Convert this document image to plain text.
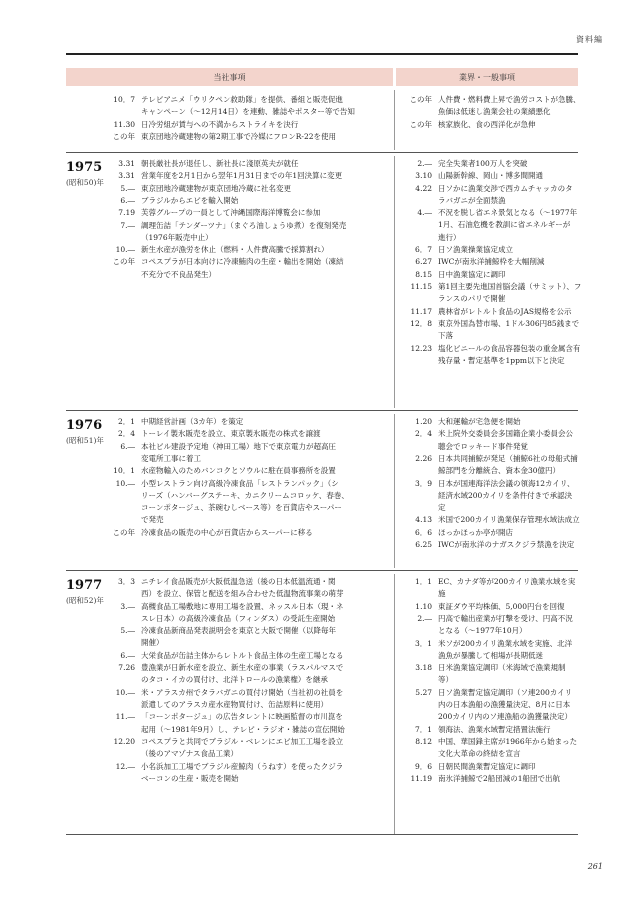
資料編
当社事項	業界・一般事項
10．7 テレビアニメ「ウリクペン救助隊」を提供、番組と販売促進
キャンペーン（～12月14日）を連動、雑誌やポスター等で告知
11.30 日冷労組が賃与への不満からストライキを決行
この年 東京団地冷蔵建物の第2期工事で冷媒にフロンR-22を使用
この年 人件費・燃料費上昇で漁労コストが急騰、
魚価は低迷し漁業会社の業績悪化
この年 核家族化、食の西洋化が急伸
1975
(昭和50)年
3.31 朝長厳社長が退任し、新社長に淺原英夫が就任
3.31 営業年度を2月1日から翌年1月31日までの年1回決算に変更
5.― 東京団地冷蔵建物が東京団地冷蔵に社名変更
6.― ブラジルからエビを輸入開始
7.19 芙蓉グループの一員として沖縄国際海洋博覧会に参加
7.― 調理缶詰「テンダーツナ」（まぐろ油しょうゆ煮）を復刻発売
（1976年販売中止）
10.― 新生水産が漁労を休止（燃料・人件費高騰で採算割れ）
この年 コペスプラが日本向けに冷凍鮪肉の生産・輸出を開始（凍結
不充分で不良品発生）
2.― 完全失業者100万人を突破
3.10 山陽新幹線、岡山・博多間開通
4.22 日ソかに漁業交渉で西カムチャッカのタ
ラバガニが全面禁漁
4.― 不況を脱し省エネ景気となる（～1977年
1月、石油危機を教訓に省エネルギーが
進行）
6．7 日ソ漁業操業協定成立
6.27 IWCが南氷洋捕鯨枠を大幅削減
8.15 日中漁業協定に調印
11.15 第1回主要先進国首脳会議（サミット）、フ
ランスのパリで開催
11.17 農林省がレトルト食品のJAS規格を公示
12．8 東京外国為替市場、1ドル306円85銭まで
下落
12.23 塩化ビニールの食品容器包装の重金属含有
残存量・暫定基準を1ppm以下と決定
1976
(昭和51)年
2．1 中期経営計画（3カ年）を策定
2．4 トーレイ製氷販売を設立、東京製氷販売の株式を譲渡
6.― 本社ビル建設予定地（神田工場）地下で東京電力が超高圧
変電所工事に着工
10．1 水産物輸入のためバンコクとソウルに駐在員事務所を設置
10.― 小型レストラン向け高級冷凍食品「レストランパック」（シ
リーズ（ハンバーグステーキ、カニクリームコロッケ、春巻、
コーンポタージュ、茶碗むしベース等）を百貨店やスーパー
で発売
この年 冷凍食品の販売の中心が百貨店からスーパーに移る
1.20 大和運輸が宅急便を開始
2．4 米上院外交委員会多国籍企業小委員会公
聴会でロッキード事件発覚
2.26 日本共同捕鯨が発足（捕鯨6社の母船式捕
鯨部門を分離統合、資本金30億円）
3．9 日本が国連海洋法会議の領海12カイリ、
経済水域200カイリを条件付きで承認決
定
4.13 米国で200カイリ漁業保存管理水域法成立
6．6 ほっかほっか亭が開店
6.25 IWCが南氷洋のナガスクジラ禁漁を決定
1977
(昭和52)年
3．3 ニチレイ食品販売が大阪低温急送（後の日本低温流通・関
西）を設立、保管と配送を組み合わせた低温物流事業の萌芽
3.― 高槻食品工場敷地に専用工場を設置、ネッスル日本（現・ネ
スレ日本）の高級冷凍食品（フィンダス）の受託生産開始
5.― 冷凍食品新商品発表説明会を東京と大阪で開催（以降毎年
開催）
6.― 大栄食品が缶詰主体からレトルト食品主体の生産工場となる
7.26 豊漁業が日新水産を設立、新生水産の事業（ラスパルマスで
のタコ・イカの買付け、北洋トロールの漁業権）を継承
10.― 米・アラスカ州でタラバガニの買付け開始（当社初の社員を
派遣してのアラスカ産水産物買付け、缶詰原料に使用）
11.― 「コーンポタージュ」の広告タレントに映画監督の市川崑を
起用（～1981年9月）し、テレビ・ラジオ・雑誌の宣伝開始
12.20 コペスプラと共同でブラジル・ベレンにエビ加工工場を設立
（後のアマゾナス食品工業）
12.― 小名浜加工工場でブラジル産鯨肉（うねす）を使ったクジラ
ベーコンの生産・販売を開始
1．1 EC、カナダ等が200カイリ漁業水域を実
施
1.10 東証ダウ平均株価、5,000円台を回復
2.― 円高で輸出産業が打撃を受け、円高不況
となる（～1977年10月）
3．1 米ソが200カイリ漁業水域を実施、北洋
漁魚が暴騰して相場が長期低迷
3.18 日米漁業協定調印（米海域で漁業規制
等）
5.27 日ソ漁業暫定協定調印（ソ連200カイリ
内の日本漁船の漁獲量決定、8月に日本
200カイリ内のソ連漁船の漁獲量決定）
7．1 領海法、漁業水域暫定措置法施行
8.12 中国、華国鋒主席が1966年から始まった
文化大革命の終結を宣言
9．6 日朝民間漁業暫定協定に調印
11.19 南氷洋捕鯨で2船団減の1船団で出航
261
